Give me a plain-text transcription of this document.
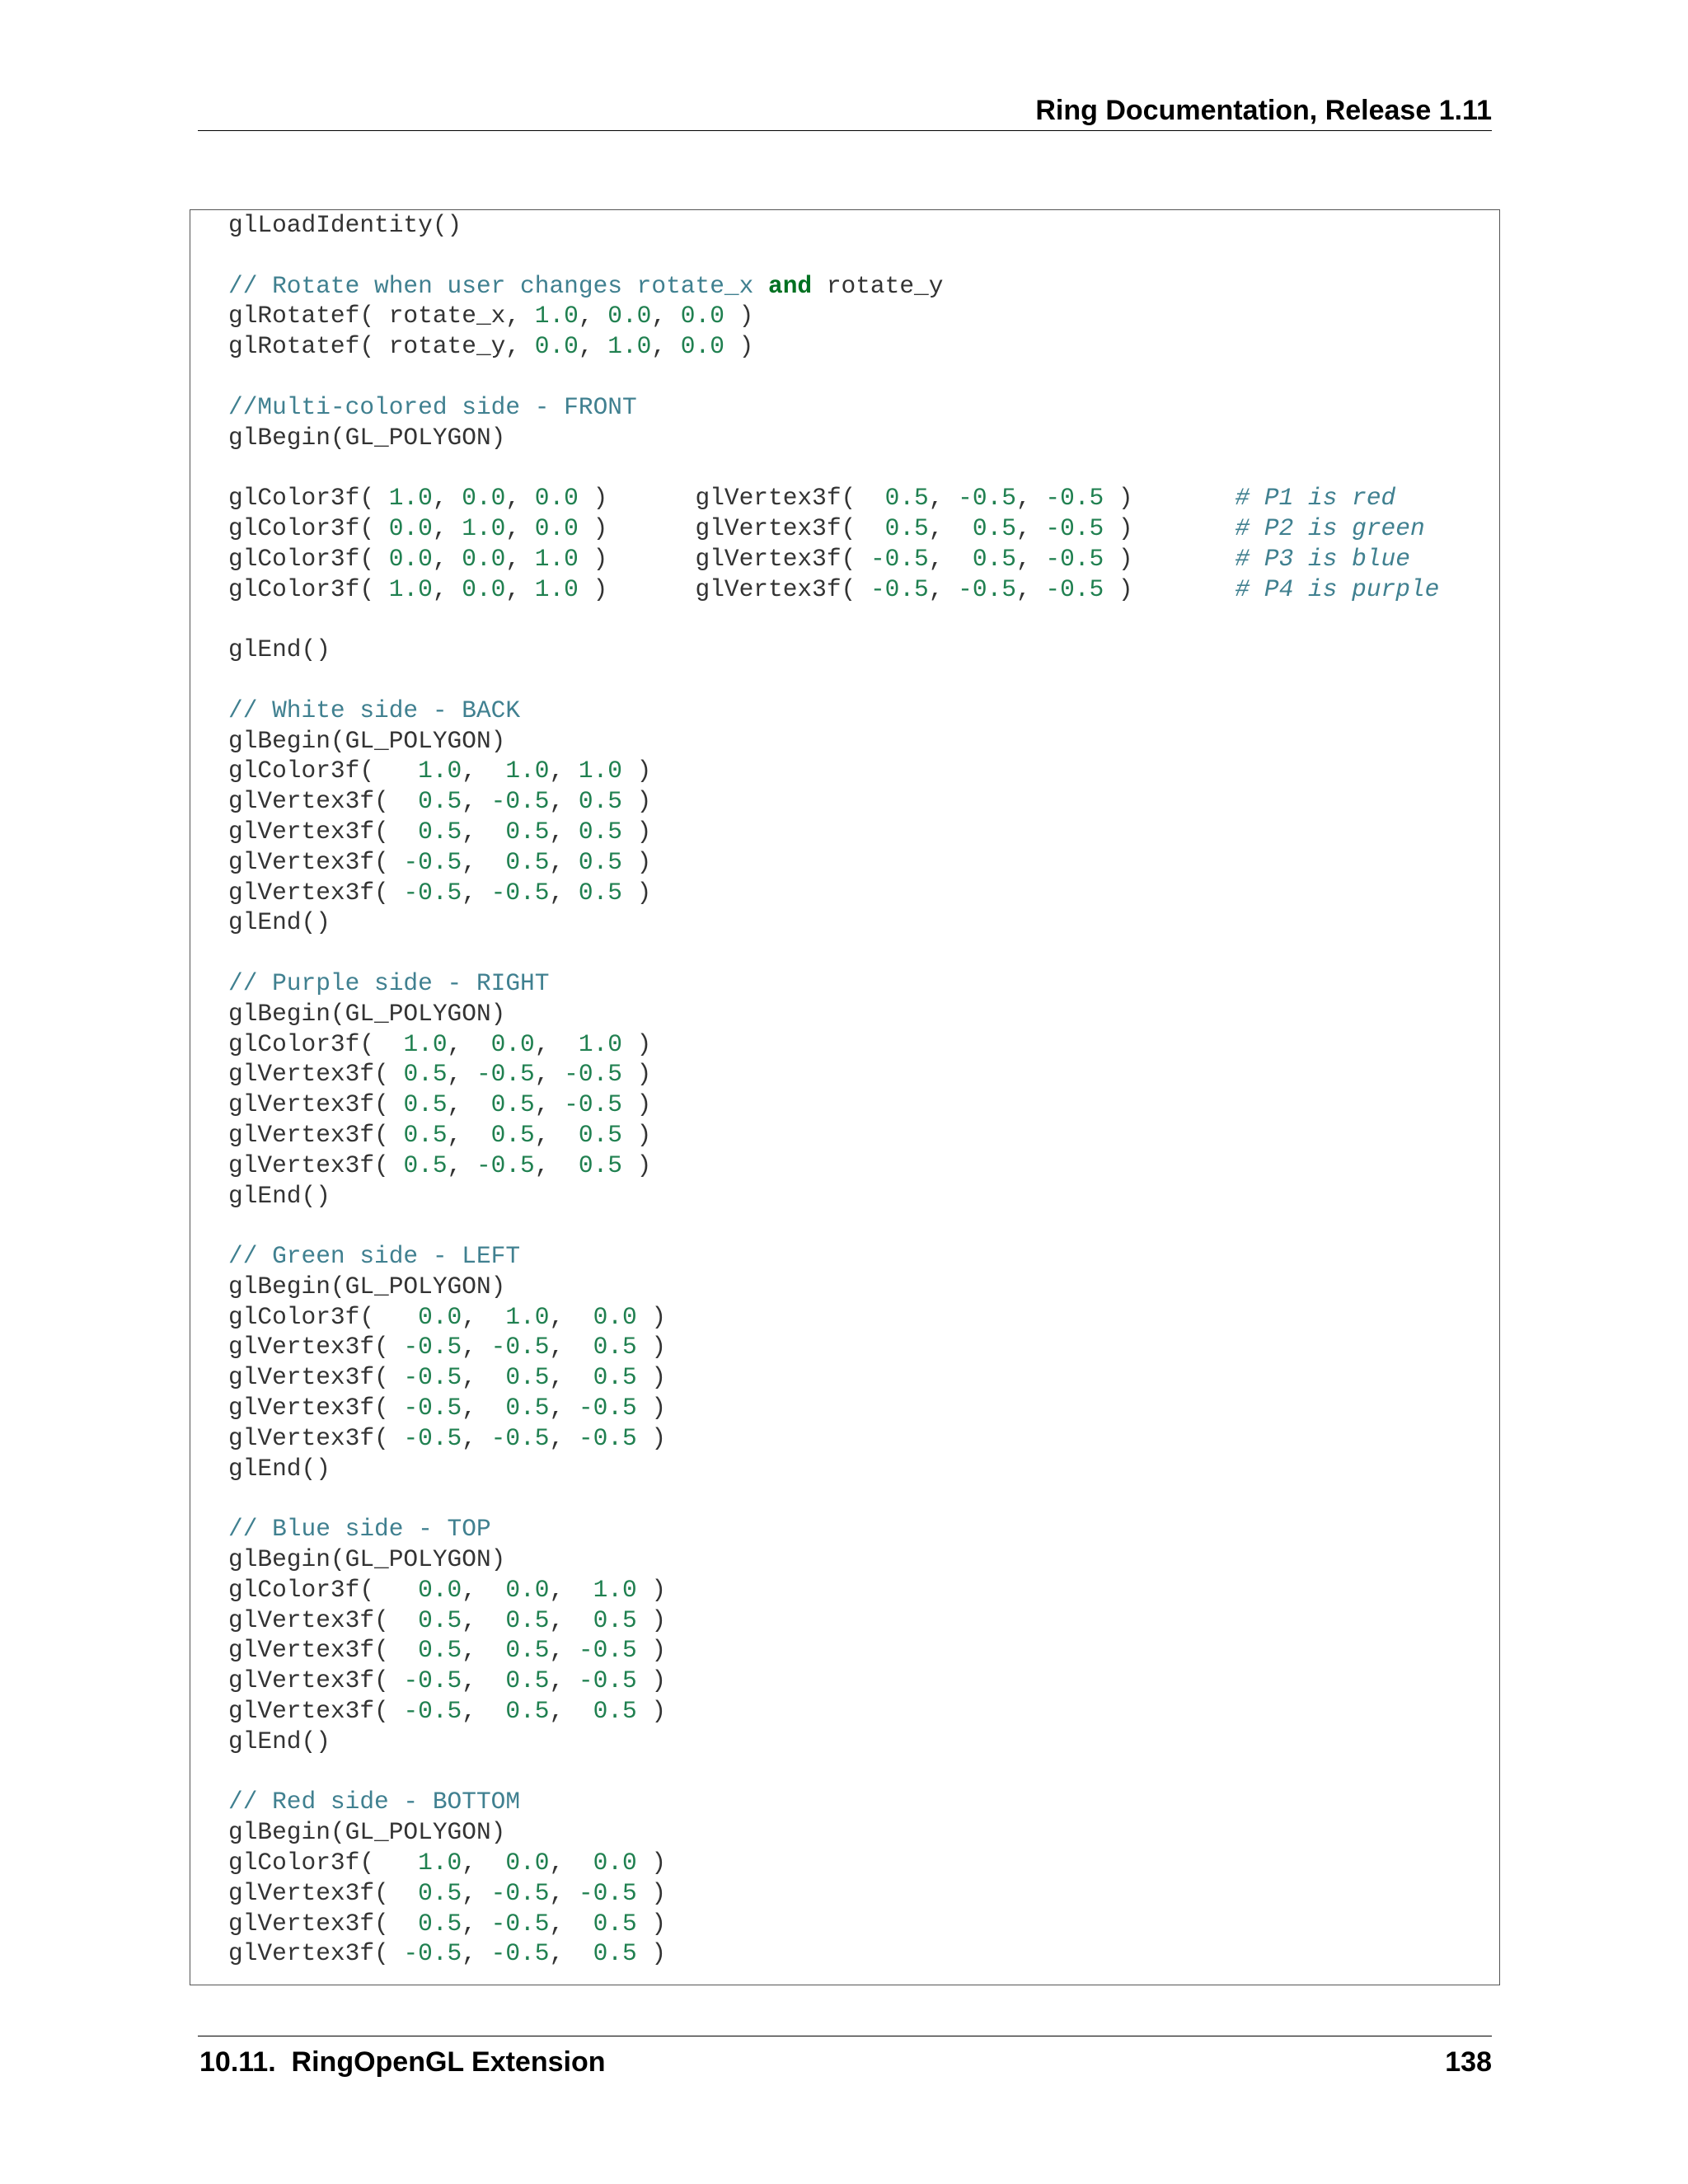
Ring Documentation, Release 1.11
glLoadIdentity()
// Rotate when user changes rotate_x and rotate_y
glRotatef( rotate_x, 1.0, 0.0, 0.0 )
glRotatef( rotate_y, 0.0, 1.0, 0.0 )
//Multi-colored side - FRONT
glBegin(GL_POLYGON)
glColor3f( 1.0, 0.0, 0.0 )      glVertex3f(  0.5, -0.5, -0.5 )       # P1 is red
glColor3f( 0.0, 1.0, 0.0 )      glVertex3f(  0.5,  0.5, -0.5 )       # P2 is green
glColor3f( 0.0, 0.0, 1.0 )      glVertex3f( -0.5,  0.5, -0.5 )       # P3 is blue
glColor3f( 1.0, 0.0, 1.0 )      glVertex3f( -0.5, -0.5, -0.5 )       # P4 is purple
glEnd()
// White side - BACK
glBegin(GL_POLYGON)
glColor3f(   1.0,  1.0, 1.0 )
glVertex3f(  0.5, -0.5, 0.5 )
glVertex3f(  0.5,  0.5, 0.5 )
glVertex3f( -0.5,  0.5, 0.5 )
glVertex3f( -0.5, -0.5, 0.5 )
glEnd()
// Purple side - RIGHT
glBegin(GL_POLYGON)
glColor3f(  1.0,  0.0,  1.0 )
glVertex3f( 0.5, -0.5, -0.5 )
glVertex3f( 0.5,  0.5, -0.5 )
glVertex3f( 0.5,  0.5,  0.5 )
glVertex3f( 0.5, -0.5,  0.5 )
glEnd()
// Green side - LEFT
glBegin(GL_POLYGON)
glColor3f(   0.0,  1.0,  0.0 )
glVertex3f( -0.5, -0.5,  0.5 )
glVertex3f( -0.5,  0.5,  0.5 )
glVertex3f( -0.5,  0.5, -0.5 )
glVertex3f( -0.5, -0.5, -0.5 )
glEnd()
// Blue side - TOP
glBegin(GL_POLYGON)
glColor3f(   0.0,  0.0,  1.0 )
glVertex3f(  0.5,  0.5,  0.5 )
glVertex3f(  0.5,  0.5, -0.5 )
glVertex3f( -0.5,  0.5, -0.5 )
glVertex3f( -0.5,  0.5,  0.5 )
glEnd()
// Red side - BOTTOM
glBegin(GL_POLYGON)
glColor3f(   1.0,  0.0,  0.0 )
glVertex3f(  0.5, -0.5, -0.5 )
glVertex3f(  0.5, -0.5,  0.5 )
glVertex3f( -0.5, -0.5,  0.5 )
10.11.  RingOpenGL Extension	138
